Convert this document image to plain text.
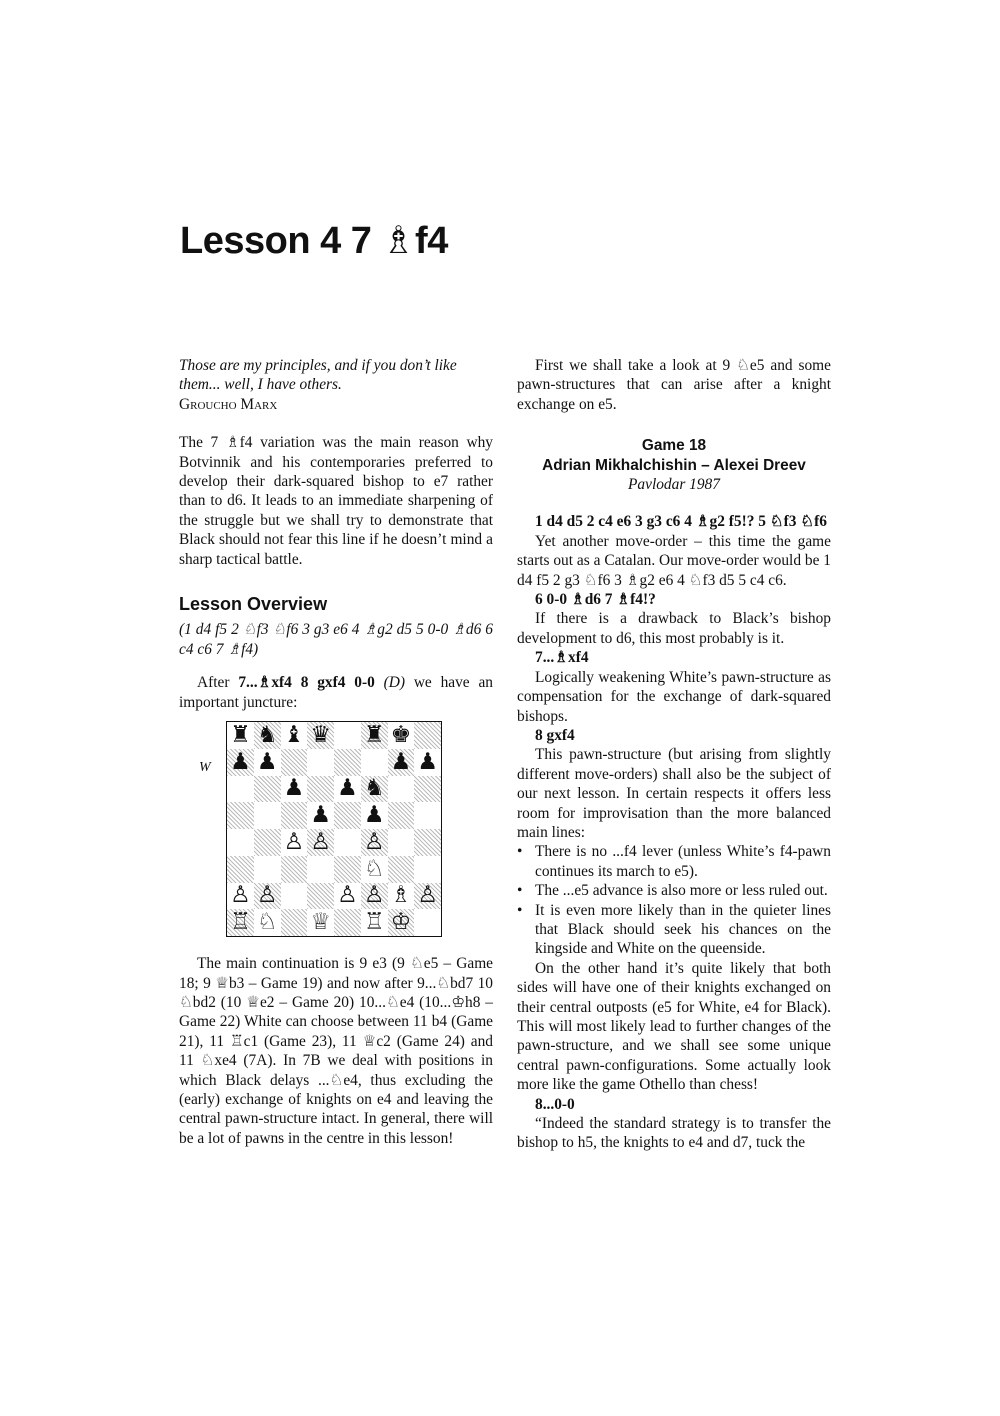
Lesson 4 7 ♗f4

Those are my principles, and if you don’t like

them... well, I have others.

Groucho Marx

The 7 ♗f4 variation was the main reason why Botvinnik and his contemporaries preferred to develop their dark-squared bishop to e7 rather than to d6. It leads to an immediate sharpening of the struggle but we shall try to demonstrate that Black should not fear this line if he doesn’t mind a sharp tactical battle.

Lesson Overview

(1 d4 f5 2 ♘f3 ♘f6 3 g3 e6 4 ♗g2 d5 5 0-0 ♗d6 6 c4 c6 7 ♗f4)

After 7...♗xf4 8 gxf4 0-0 (D) we have an important juncture:

W
♜ ♞ ♝ ♛ ♜ ♚
♟ ♟	♟ ♟
♟ ♟ ♞
♟ ♟
♙ ♙ ♙
♘
♙ ♙	♙ ♙ ♗ ♙
♖ ♘ ♕ ♖ ♔

The main continuation is 9 e3 (9 ♘e5 – Game 18; 9 ♕b3 – Game 19) and now after 9...♘bd7 10 ♘bd2 (10 ♕e2 – Game 20) 10...♘e4 (10...♔h8 – Game 22) White can choose between 11 b4 (Game 21), 11 ♖c1 (Game 23), 11 ♕c2 (Game 24) and 11 ♘xe4 (7A). In 7B we deal with positions in which Black delays ...♘e4, thus excluding the (early) exchange of knights on e4 and leaving the central pawn-structure intact. In general, there will be a lot of pawns in the centre in this lesson!

First we shall take a look at 9 ♘e5 and some pawn-structures that can arise after a knight exchange on e5.

Game 18

Adrian Mikhalchishin – Alexei Dreev

Pavlodar 1987

1 d4 d5 2 c4 e6 3 g3 c6 4 ♗g2 f5!? 5 ♘f3 ♘f6

Yet another move-order – this time the game starts out as a Catalan. Our move-order would be 1 d4 f5 2 g3 ♘f6 3 ♗g2 e6 4 ♘f3 d5 5 c4 c6.

6 0-0 ♗d6 7 ♗f4!?

If there is a drawback to Black’s bishop development to d6, this most probably is it.

7...♗xf4

Logically weakening White’s pawn-structure as compensation for the exchange of dark-squared bishops.

8 gxf4

This pawn-structure (but arising from slightly different move-orders) shall also be the subject of our next lesson. In certain respects it offers less room for improvisation than the more balanced main lines:

• There is no ...f4 lever (unless White’s f4-pawn continues its march to e5).
• The ...e5 advance is also more or less ruled out.
• It is even more likely than in the quieter lines that Black should seek his chances on the kingside and White on the queenside.

On the other hand it’s quite likely that both sides will have one of their knights exchanged on their central outposts (e5 for White, e4 for Black). This will most likely lead to further changes of the pawn-structure, and we shall see some unique central pawn-configurations. Some actually look more like the game Othello than chess!

8...0-0

“Indeed the standard strategy is to transfer the bishop to h5, the knights to e4 and d7, tuck the
